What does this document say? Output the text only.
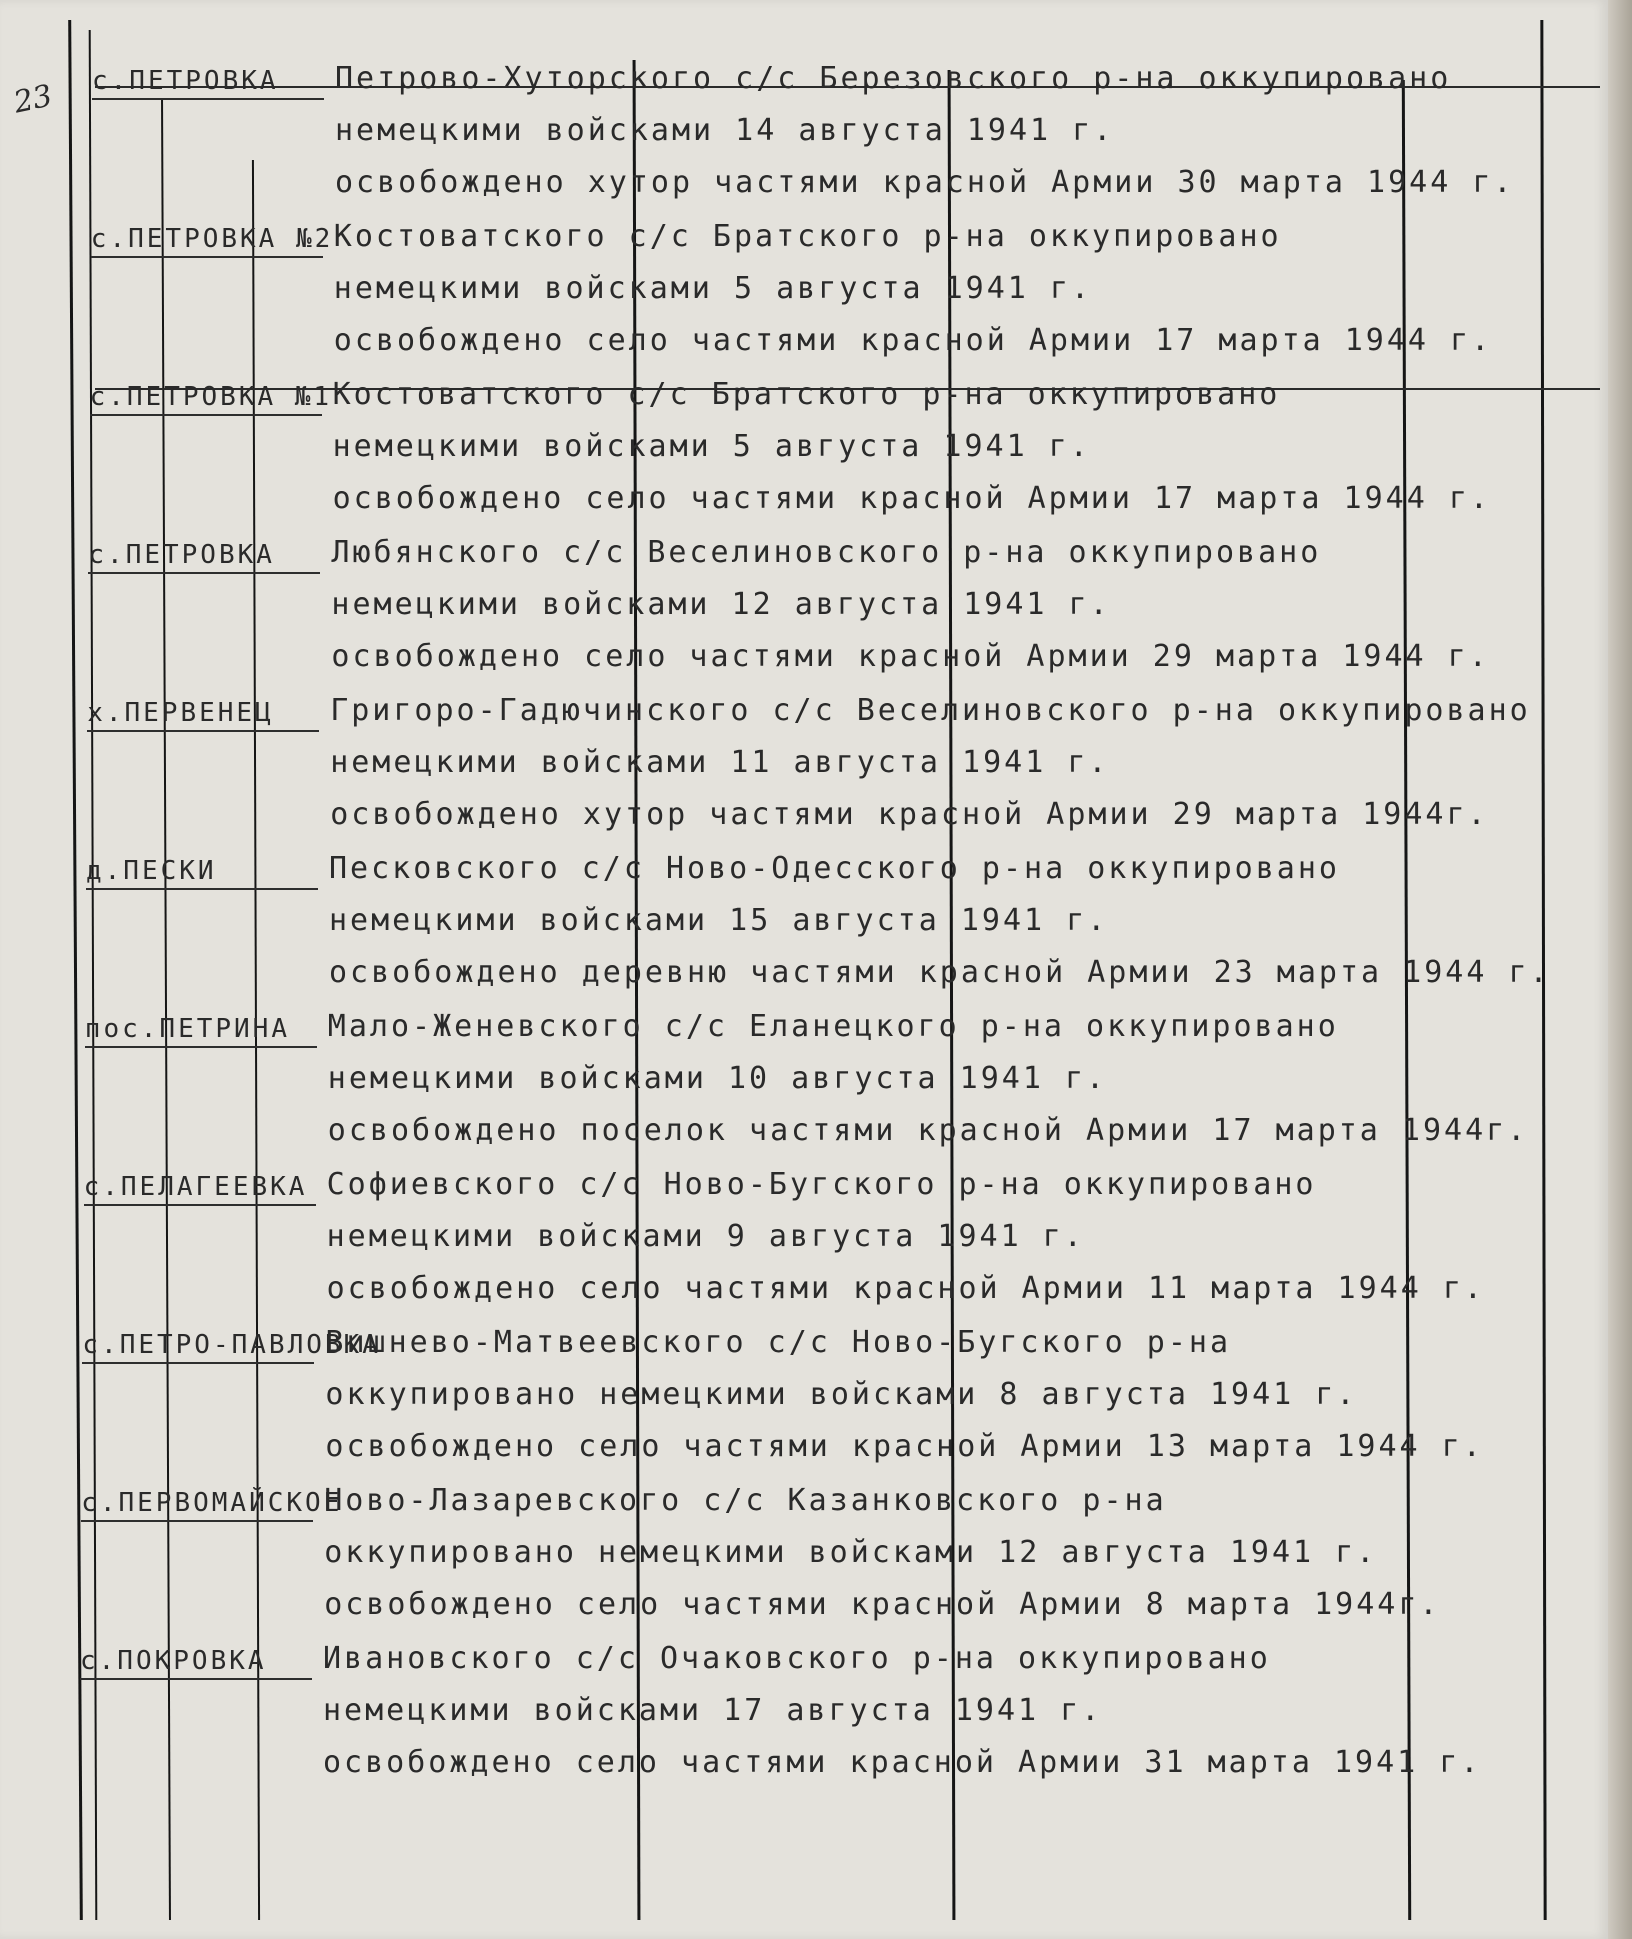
23 с.ПЕТРОВКА Петрово-Хуторского с/с Березовского р-на оккупировано
немецкими войсками 14 августа 1941 г.
освобождено хутор частями красной Армии 30 марта 1944 г.
с.ПЕТРОВКА №2 Костоватского с/с Братского р-на оккупировано
немецкими войсками 5 августа 1941 г.
освобождено село частями красной Армии 17 марта 1944 г.
с.ПЕТРОВКА №1 Костоватского с/с Братского р-на оккупировано
немецкими войсками 5 августа 1941 г.
освобождено село частями красной Армии 17 марта 1944 г.
с.ПЕТРОВКА Любянского с/с Веселиновского р-на оккупировано
немецкими войсками 12 августа 1941 г.
освобождено село частями красной Армии 29 марта 1944 г.
х.ПЕРВЕНЕЦ Григоро-Гадючинского с/с Веселиновского р-на оккупировано
немецкими войсками 11 августа 1941 г.
освобождено хутор частями красной Армии 29 марта 1944г.
д.ПЕСКИ	Песковского с/с Ново-Одесского р-на оккупировано
немецкими войсками 15 августа 1941 г.
освобождено деревню частями красной Армии 23 марта 1944 г.
пос.ПЕТРИНА Мало-Женевского с/с Еланецкого р-на оккупировано
немецкими войсками 10 августа 1941 г.
освобождено поселок частями красной Армии 17 марта 1944г.
с.ПЕЛАГЕЕВКА Софиевского с/с Ново-Бугского р-на оккупировано
немецкими войсками 9 августа 1941 г.
освобождено село частями красной Армии 11 марта 1944 г.
с.ПЕТРО-ПАВЛОВКА
Вишнево-Матвеевского с/с Ново-Бугского р-на
оккупировано немецкими войсками 8 августа 1941 г.
освобождено село частями красной Армии 13 марта 1944 г.
с.ПЕРВОМАЙСКОЕ
Ново-Лазаревского с/с Казанковского р-на
оккупировано немецкими войсками 12 августа 1941 г.
освобождено село частями красной Армии 8 марта 1944г.
с.ПОКРОВКА Ивановского с/с Очаковского р-на оккупировано
немецкими войсками 17 августа 1941 г.
освобождено село частями красной Армии 31 марта 1941 г.
